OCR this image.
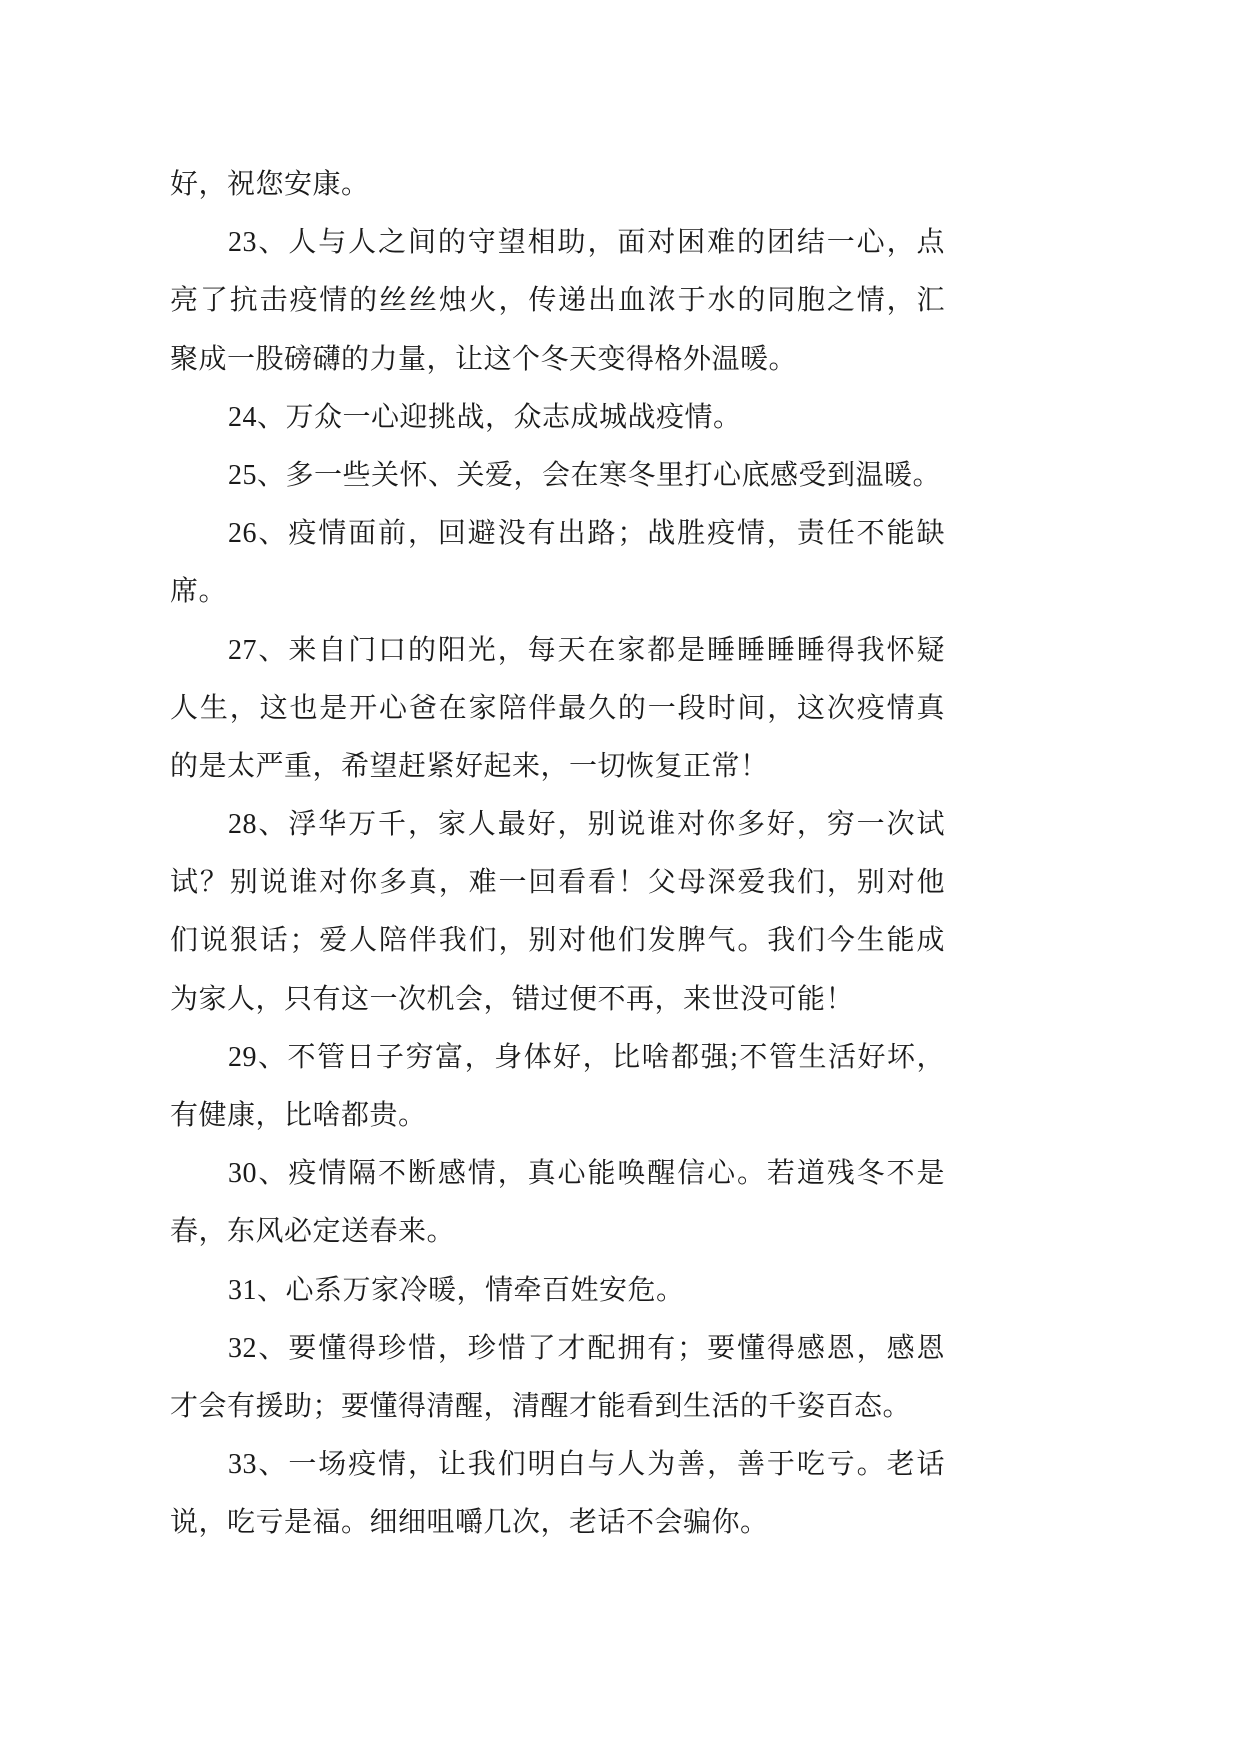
好，祝您安康。
23、人与人之间的守望相助，面对困难的团结一心，点
亮了抗击疫情的丝丝烛火，传递出血浓于水的同胞之情，汇
聚成一股磅礴的力量，让这个冬天变得格外温暖。
24、万众一心迎挑战，众志成城战疫情。
25、多一些关怀、关爱，会在寒冬里打心底感受到温暖。
26、疫情面前，回避没有出路；战胜疫情，责任不能缺
席。
27、来自门口的阳光，每天在家都是睡睡睡睡得我怀疑
人生，这也是开心爸在家陪伴最久的一段时间，这次疫情真
的是太严重，希望赶紧好起来，一切恢复正常！
28、浮华万千，家人最好，别说谁对你多好，穷一次试
试？别说谁对你多真，难一回看看！父母深爱我们，别对他
们说狠话；爱人陪伴我们，别对他们发脾气。我们今生能成
为家人，只有这一次机会，错过便不再，来世没可能！
29、不管日子穷富，身体好，比啥都强;不管生活好坏，
有健康，比啥都贵。
30、疫情隔不断感情，真心能唤醒信心。若道残冬不是
春，东风必定送春来。
31、心系万家冷暖，情牵百姓安危。
32、要懂得珍惜，珍惜了才配拥有；要懂得感恩，感恩
才会有援助；要懂得清醒，清醒才能看到生活的千姿百态。
33、一场疫情，让我们明白与人为善，善于吃亏。老话
说，吃亏是福。细细咀嚼几次，老话不会骗你。
